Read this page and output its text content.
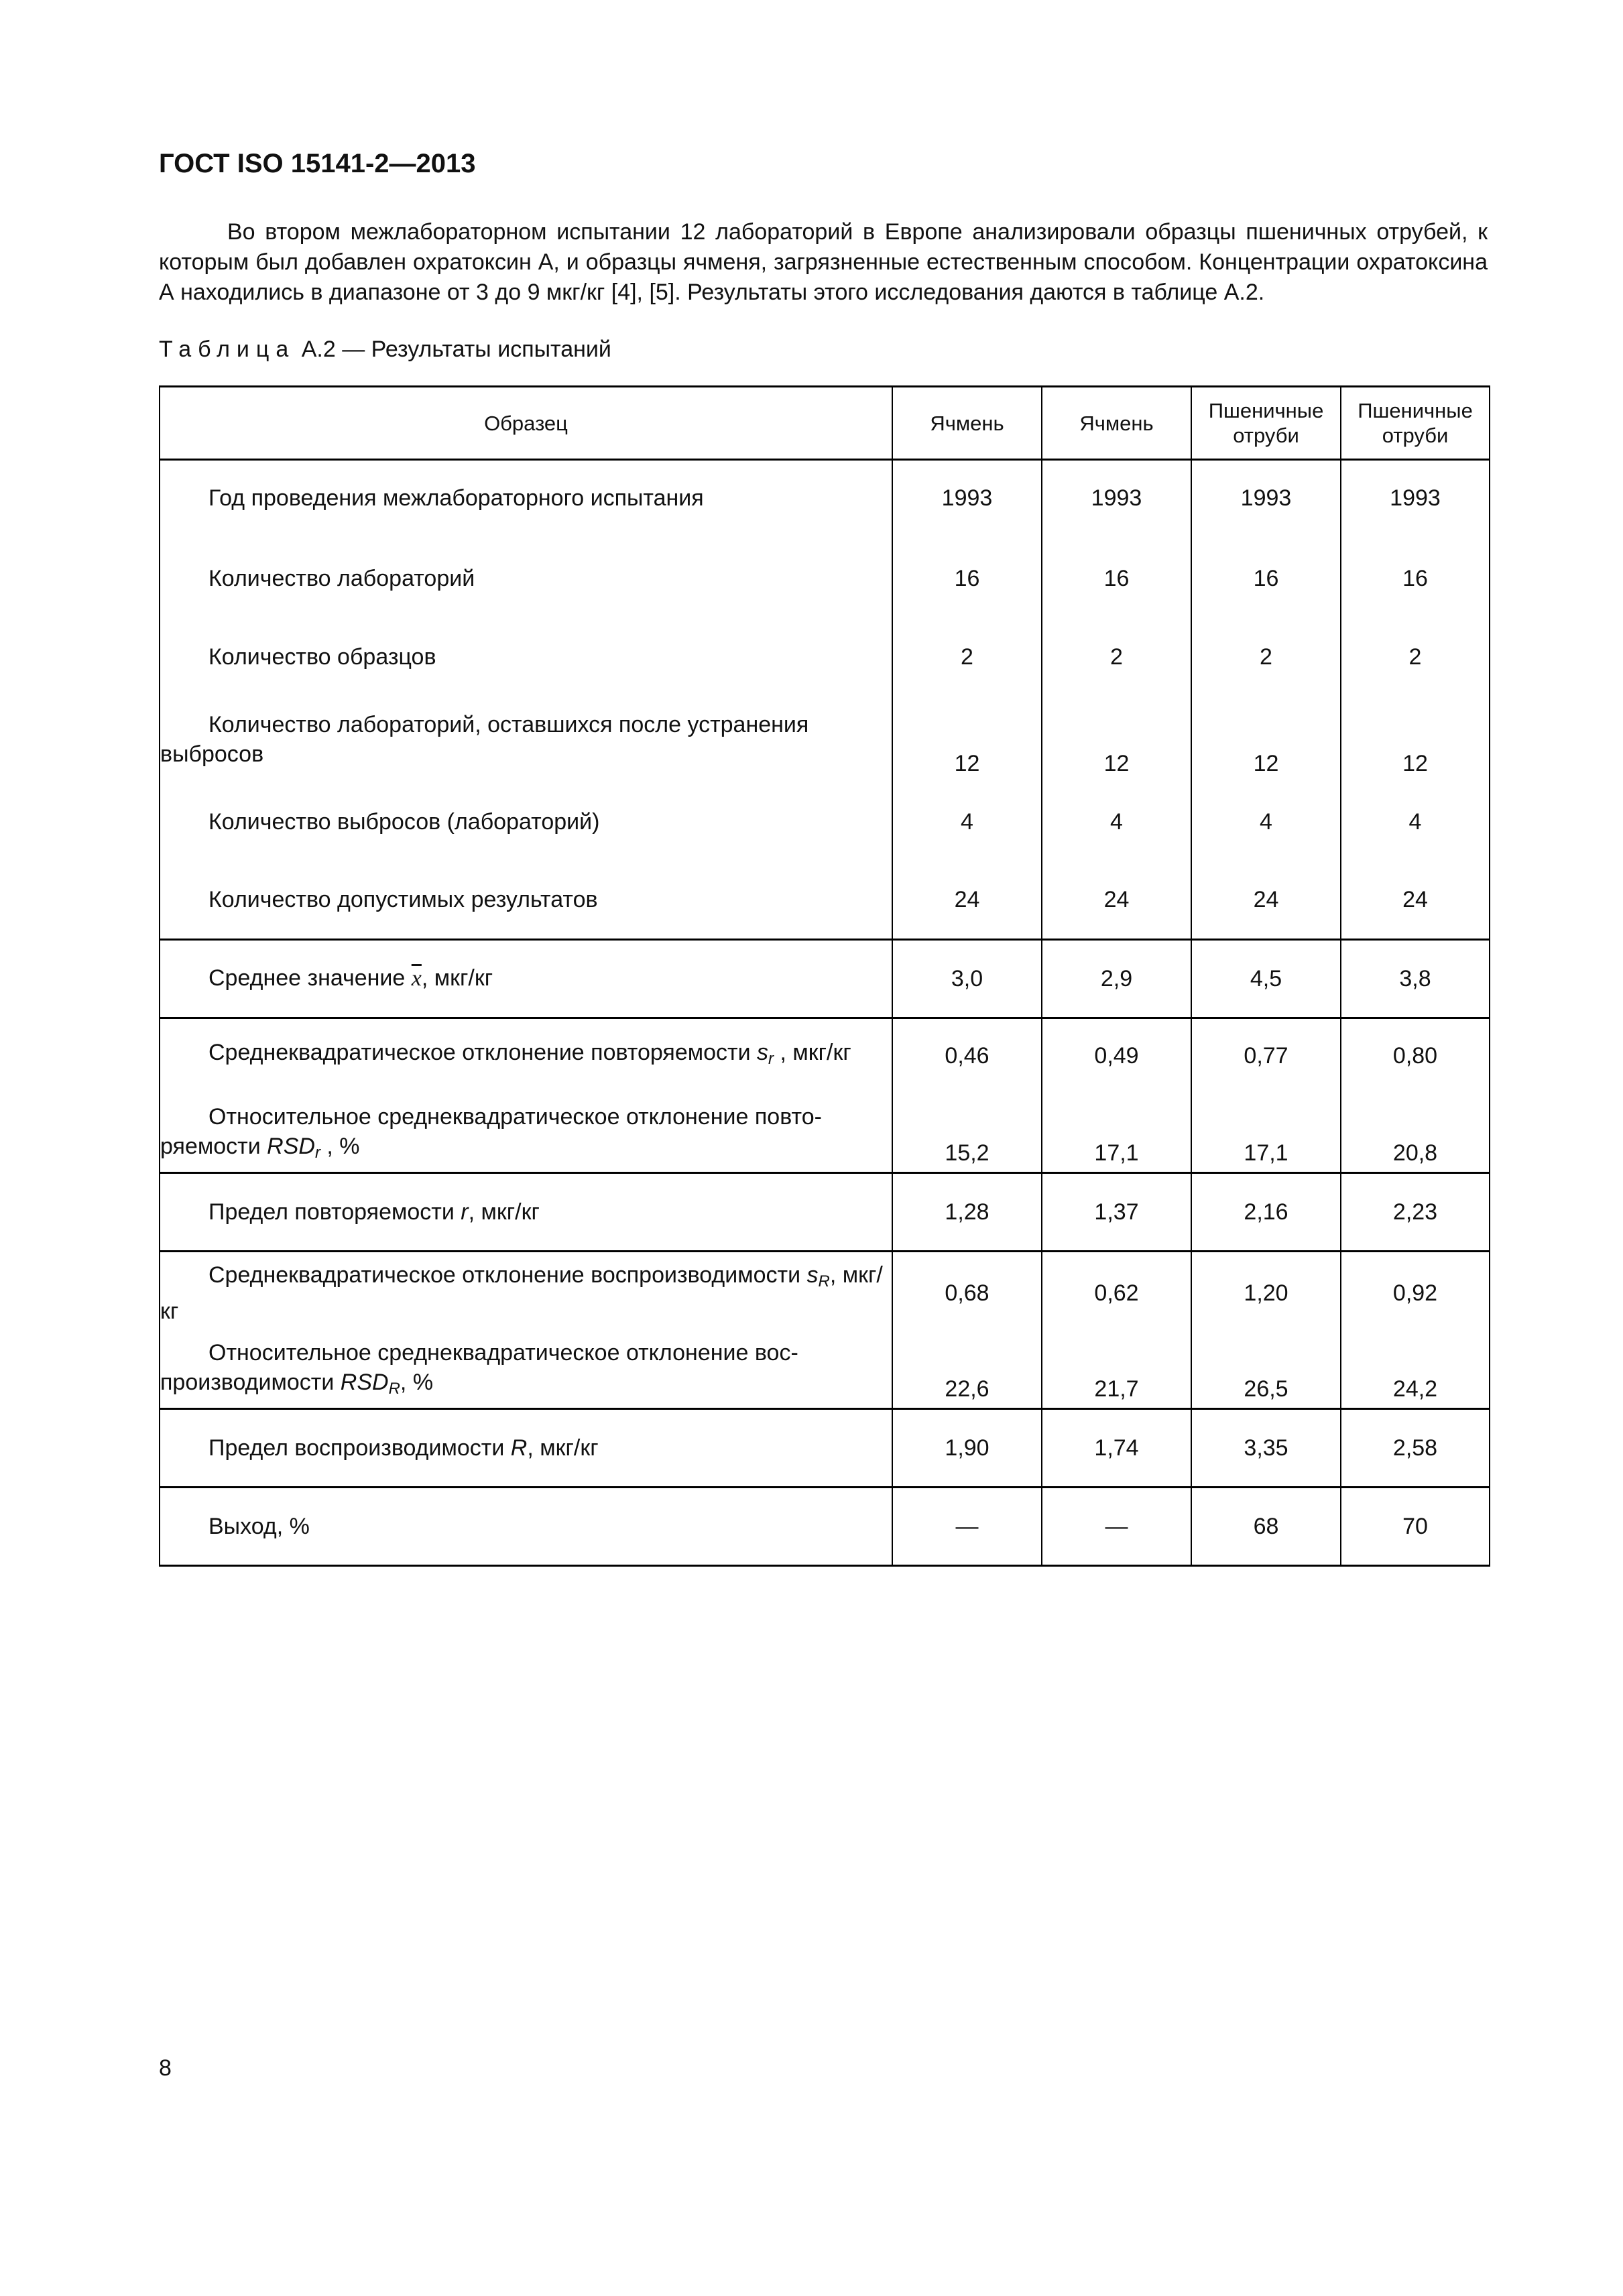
ГОСТ ISO 15141-2—2013

Во втором межлабораторном испытании 12 лабораторий в Европе анализировали образцы пшеничных отрубей, к которым был добавлен охратоксин А, и образцы ячменя, загрязненные естественным способом. Концентрации охратоксина А находились в диапазоне от 3 до 9 мкг/кг [4], [5]. Результаты этого исследования даются в таблице А.2.

Таблица А.2 — Результаты испытаний

Образец	Ячмень	Ячмень	Пшеничные отруби	Пшеничные отруби

Год проведения межлабораторного испытания	1993	1993	1993	1993
Количество лабораторий	16	16	16	16
Количество образцов	2	2	2	2
Количество лабораторий, оставшихся после устранения выбросов	12	12	12	12
Количество выбросов (лабораторий)	4	4	4	4
Количество допустимых результатов	24	24	24	24
Среднее значение $\overline{x}$, мкг/кг	3,0	2,9	4,5	3,8
Среднеквадратическое отклонение повторяемости $s_r$ , мкг/кг	0,46	0,49	0,77	0,80
Относительное среднеквадратическое отклонение повторяемости $RSD_r$ , %	15,2	17,1	17,1	20,8
Предел повторяемости r, мкг/кг	1,28	1,37	2,16	2,23
Среднеквадратическое отклонение воспроизводимости $s_R$, мкг/кг	0,68	0,62	1,20	0,92
Относительное среднеквадратическое отклонение воспроизводимости $RSD_R$, %	22,6	21,7	26,5	24,2
Предел воспроизводимости R, мкг/кг	1,90	1,74	3,35	2,58
Выход, %	—	—	68	70

8
